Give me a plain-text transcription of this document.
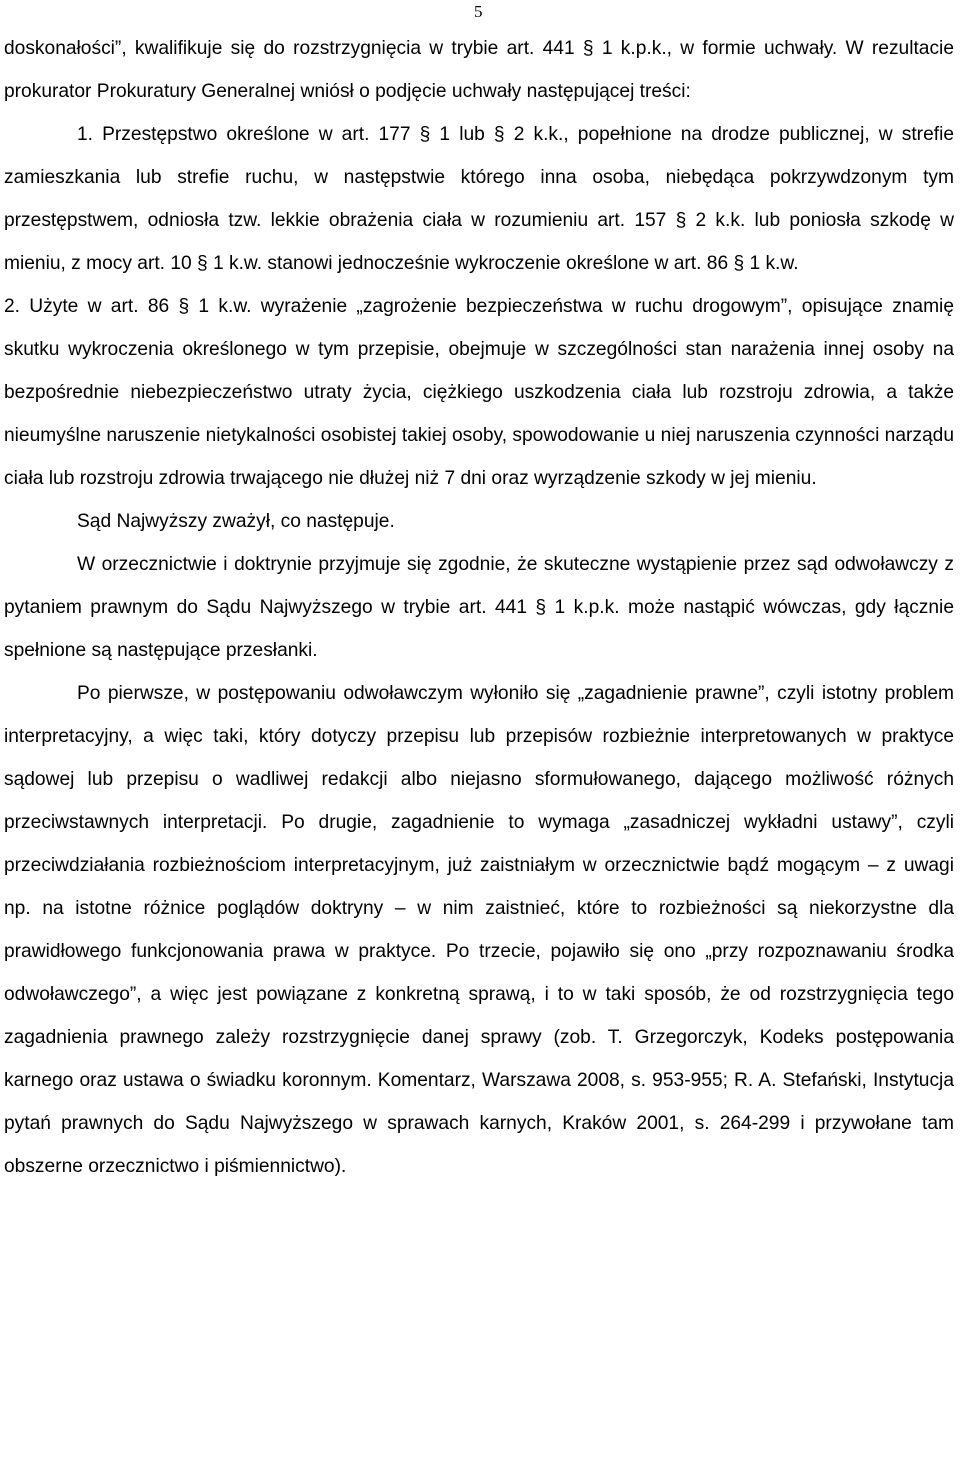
5

doskonałości”, kwalifikuje się do rozstrzygnięcia w trybie art. 441 § 1 k.p.k., w formie uchwały. W rezultacie prokurator Prokuratury Generalnej wniósł o podjęcie uchwały następującej treści:

1. Przestępstwo określone w art. 177 § 1 lub § 2 k.k., popełnione na drodze publicznej, w strefie zamieszkania lub strefie ruchu, w następstwie którego inna osoba, niebędąca pokrzywdzonym tym przestępstwem, odniosła tzw. lekkie obrażenia ciała w rozumieniu art. 157 § 2 k.k. lub poniosła szkodę w mieniu, z mocy art. 10 § 1 k.w. stanowi jednocześnie wykroczenie określone w art. 86 § 1 k.w.

2. Użyte w art. 86 § 1 k.w. wyrażenie „zagrożenie bezpieczeństwa w ruchu drogowym”, opisujące znamię skutku wykroczenia określonego w tym przepisie, obejmuje w szczególności stan narażenia innej osoby na bezpośrednie niebezpieczeństwo utraty życia, ciężkiego uszkodzenia ciała lub rozstroju zdrowia, a także nieumyślne naruszenie nietykalności osobistej takiej osoby, spowodowanie u niej naruszenia czynności narządu ciała lub rozstroju zdrowia trwającego nie dłużej niż 7 dni oraz wyrządzenie szkody w jej mieniu.

Sąd Najwyższy zważył, co następuje.

W orzecznictwie i doktrynie przyjmuje się zgodnie, że skuteczne wystąpienie przez sąd odwoławczy z pytaniem prawnym do Sądu Najwyższego w trybie art. 441 § 1 k.p.k. może nastąpić wówczas, gdy łącznie spełnione są następujące przesłanki.

Po pierwsze, w postępowaniu odwoławczym wyłoniło się „zagadnienie prawne”, czyli istotny problem interpretacyjny, a więc taki, który dotyczy przepisu lub przepisów rozbieżnie interpretowanych w praktyce sądowej lub przepisu o wadliwej redakcji albo niejasno sformułowanego, dającego możliwość różnych przeciwstawnych interpretacji. Po drugie, zagadnienie to wymaga „zasadniczej wykładni ustawy”, czyli przeciwdziałania rozbieżnościom interpretacyjnym, już zaistniałym w orzecznictwie bądź mogącym – z uwagi np. na istotne różnice poglądów doktryny – w nim zaistnieć, które to rozbieżności są niekorzystne dla prawidłowego funkcjonowania prawa w praktyce. Po trzecie, pojawiło się ono „przy rozpoznawaniu środka odwoławczego”, a więc jest powiązane z konkretną sprawą, i to w taki sposób, że od rozstrzygnięcia tego zagadnienia prawnego zależy rozstrzygnięcie danej sprawy (zob. T. Grzegorczyk, Kodeks postępowania karnego oraz ustawa o świadku koronnym. Komentarz, Warszawa 2008, s. 953-955; R. A. Stefański, Instytucja pytań prawnych do Sądu Najwyższego w sprawach karnych, Kraków 2001, s. 264-299 i przywołane tam obszerne orzecznictwo i piśmiennictwo).
